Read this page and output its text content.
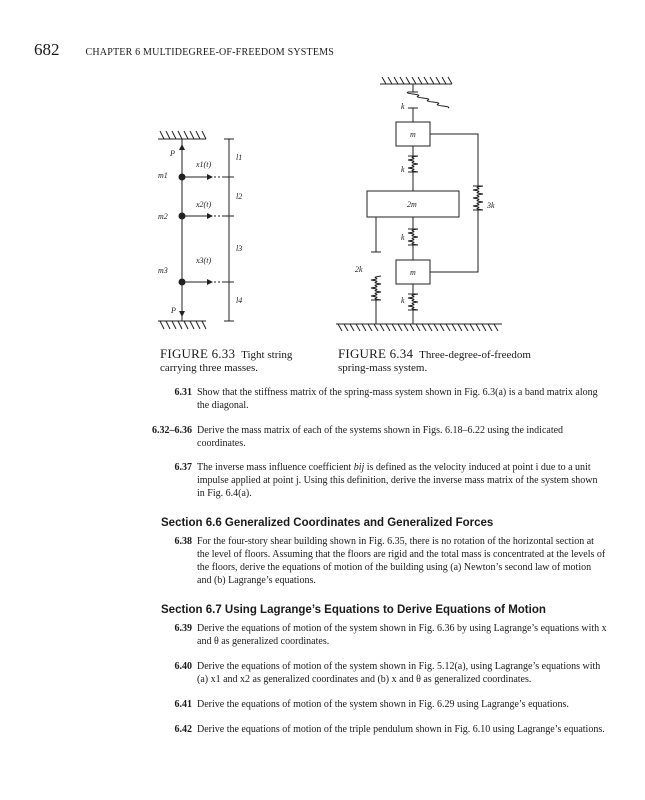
682	CHAPTER 6 MULTIDEGREE-OF-FREEDOM SYSTEMS
P
P
m1
m2
m3
x1(t)
x2(t)
x3(t)
l1
l2
l3
l4
k
k
k
k
3k
2k
m
2m
m
FIGURE 6.33 Tight string carrying three masses.
FIGURE 6.34 Three-degree-of-freedom spring-mass system.
6.31 Show that the stiffness matrix of the spring-mass system shown in Fig. 6.3(a) is a band matrix along the diagonal.
6.32–6.36 Derive the mass matrix of each of the systems shown in Figs. 6.18–6.22 using the indicated coordinates.
6.37 The inverse mass influence coefficient bij is defined as the velocity induced at point i due to a unit impulse applied at point j. Using this definition, derive the inverse mass matrix of the system shown in Fig. 6.4(a).
Section 6.6 Generalized Coordinates and Generalized Forces
6.38 For the four-story shear building shown in Fig. 6.35, there is no rotation of the horizontal section at the level of floors. Assuming that the floors are rigid and the total mass is concentrated at the levels of the floors, derive the equations of motion of the building using (a) Newton’s second law of motion and (b) Lagrange’s equations.
Section 6.7 Using Lagrange’s Equations to Derive Equations of Motion
6.39 Derive the equations of motion of the system shown in Fig. 6.36 by using Lagrange’s equations with x and θ as generalized coordinates.
6.40 Derive the equations of motion of the system shown in Fig. 5.12(a), using Lagrange’s equations with (a) x1 and x2 as generalized coordinates and (b) x and θ as generalized coordinates.
6.41 Derive the equations of motion of the system shown in Fig. 6.29 using Lagrange’s equations.
6.42 Derive the equations of motion of the triple pendulum shown in Fig. 6.10 using Lagrange’s equations.
